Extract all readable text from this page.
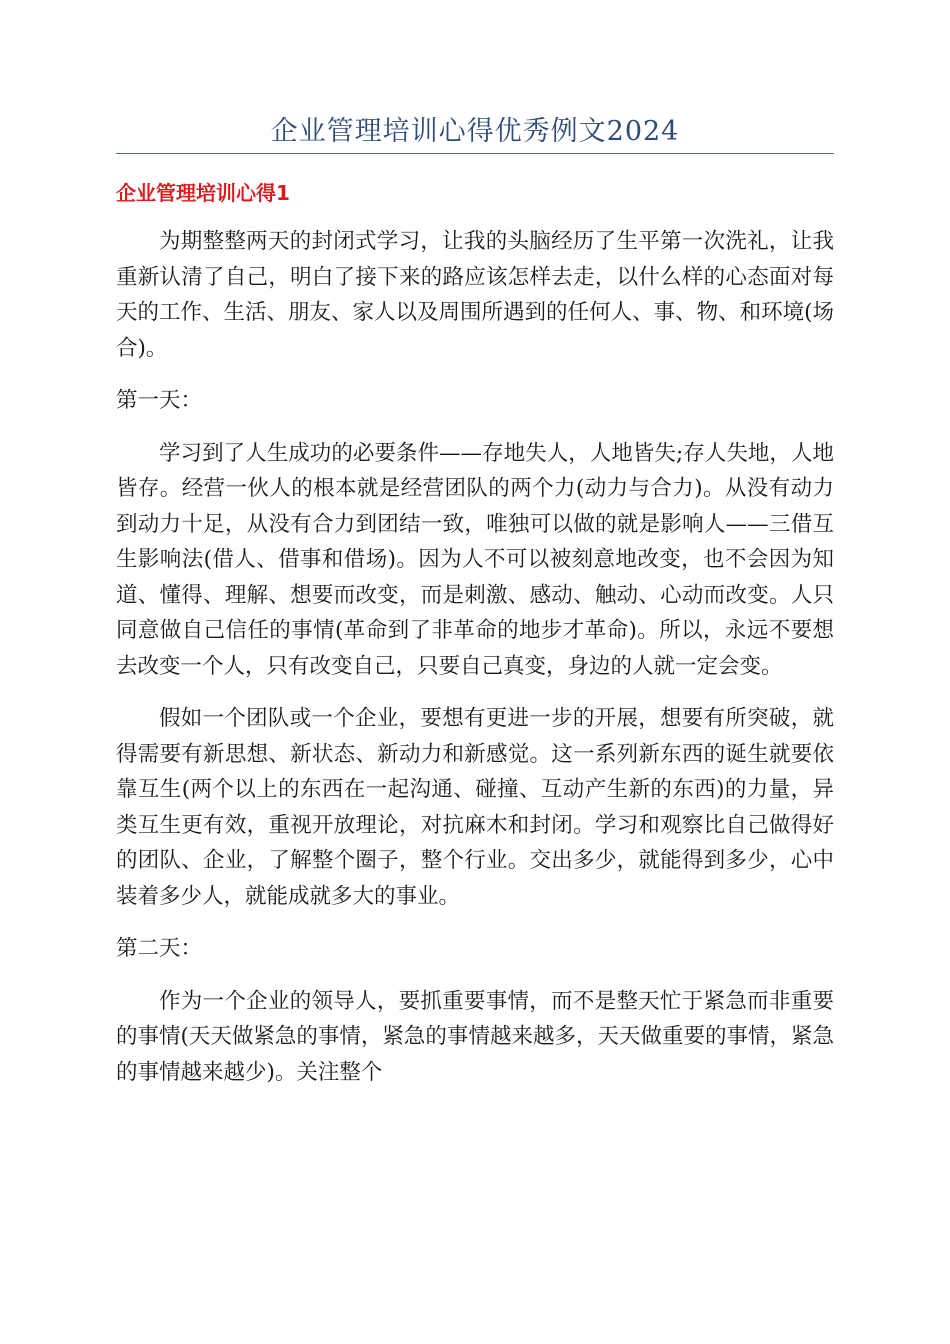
企业管理培训心得优秀例文2024
企业管理培训心得1

为期整整两天的封闭式学习，让我的头脑经历了生平第一次洗礼，让我重新认清了自己，明白了接下来的路应该怎样去走，以什么样的心态面对每天的工作、生活、朋友、家人以及周围所遇到的任何人、事、物、和环境(场合)。

第一天：

学习到了人生成功的必要条件——存地失人，人地皆失;存人失地，人地皆存。经营一伙人的根本就是经营团队的两个力(动力与合力)。从没有动力到动力十足，从没有合力到团结一致，唯独可以做的就是影响人——三借互生影响法(借人、借事和借场)。因为人不可以被刻意地改变，也不会因为知道、懂得、理解、想要而改变，而是刺激、感动、触动、心动而改变。人只同意做自己信任的事情(革命到了非革命的地步才革命)。所以，永远不要想去改变一个人，只有改变自己，只要自己真变，身边的人就一定会变。

假如一个团队或一个企业，要想有更进一步的开展，想要有所突破，就得需要有新思想、新状态、新动力和新感觉。这一系列新东西的诞生就要依靠互生(两个以上的东西在一起沟通、碰撞、互动产生新的东西)的力量，异类互生更有效，重视开放理论，对抗麻木和封闭。学习和观察比自己做得好的团队、企业，了解整个圈子，整个行业。交出多少，就能得到多少，心中装着多少人，就能成就多大的事业。

第二天：

作为一个企业的领导人，要抓重要事情，而不是整天忙于紧急而非重要的事情(天天做紧急的事情，紧急的事情越来越多，天天做重要的事情，紧急的事情越来越少)。关注整个
